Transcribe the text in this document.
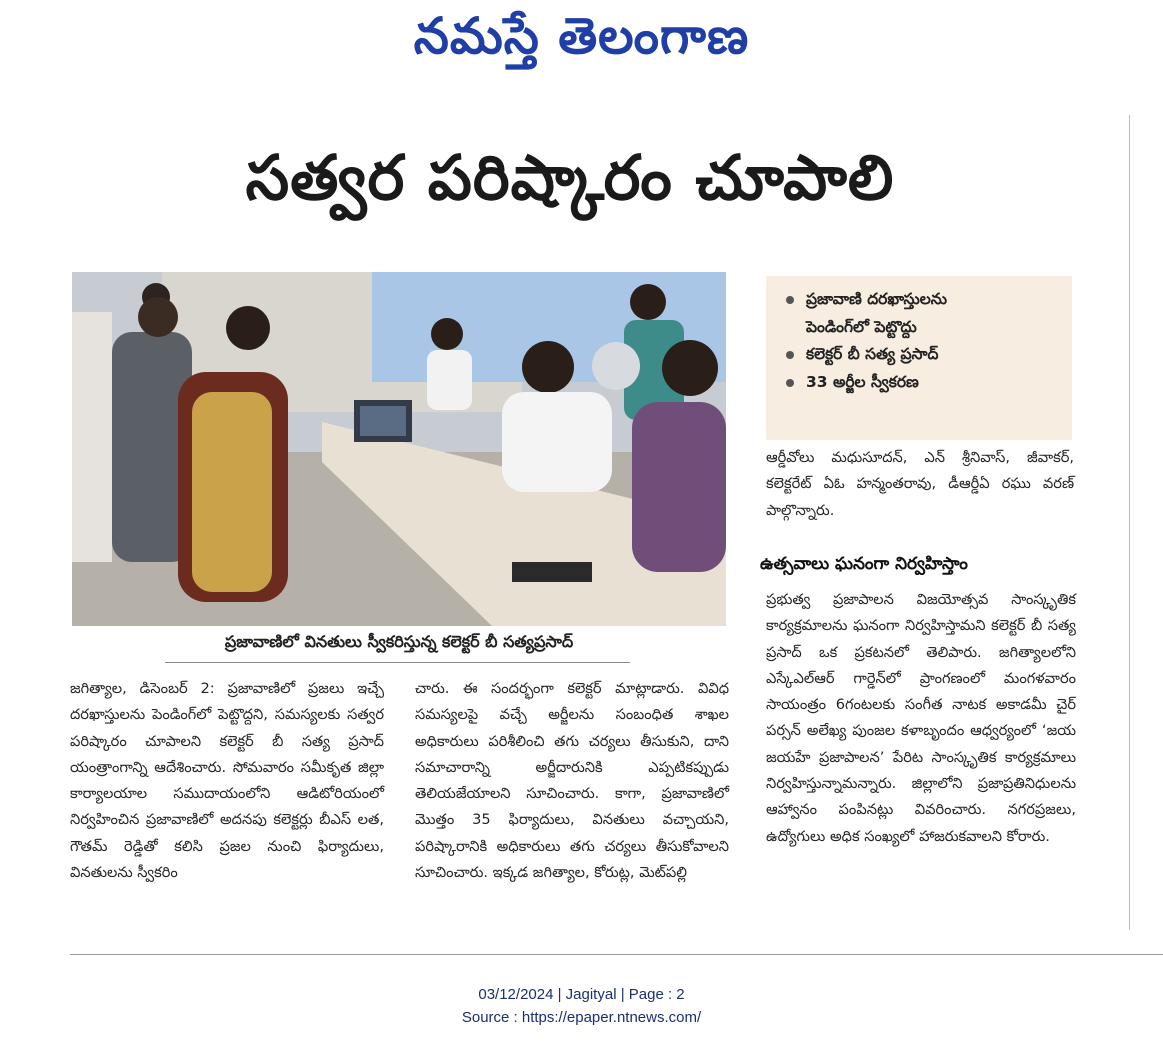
నమస్తే తెలంగాణ
సత్వర పరిష్కారం చూపాలి
ప్రజావాణిలో వినతులు స్వీకరిస్తున్న కలెక్టర్‌ బీ సత్యప్రసాద్‌
ప్రజావాణి దరఖాస్తులను
పెండింగ్‌లో పెట్టొద్దు
కలెక్టర్‌ బీ సత్య ప్రసాద్‌
33 అర్జీల స్వీకరణ
జగిత్యాల, డిసెంబర్‌ 2: ప్రజావాణిలో ప్రజలు ఇచ్చే దరఖాస్తులను పెండింగ్‌లో పెట్టొద్దని, సమస్యలకు సత్వర పరిష్కారం చూపాలని కలెక్టర్‌ బీ సత్య ప్రసాద్‌ యంత్రాంగాన్ని ఆదేశించారు. సోమవారం సమీకృత జిల్లా కార్యాలయాల సముదాయంలోని ఆడిటోరియంలో నిర్వహించిన ప్రజావాణిలో అదనపు కలెక్టర్లు బీఎస్‌ లత, గౌతమ్‌ రెడ్డితో కలిసి ప్రజల నుంచి ఫిర్యాదులు, వినతులను స్వీకరిం
చారు. ఈ సందర్భంగా కలెక్టర్‌ మాట్లాడారు. వివిధ సమస్యలపై వచ్చే అర్జీలను సంబంధిత శాఖల అధికారులు పరిశీలించి తగు చర్యలు తీసుకుని, దాని సమాచారాన్ని అర్జీదారునికి ఎప్పటికప్పుడు తెలియజేయాలని సూచించారు. కాగా, ప్రజావాణిలో మొత్తం 35 ఫిర్యాదులు, వినతులు వచ్చాయని, పరిష్కారానికి అధికారులు తగు చర్యలు తీసుకోవాలని సూచించారు. ఇక్కడ జగిత్యాల, కోరుట్ల, మెట్‌పల్లి
ఆర్డీవోలు మధుసూదన్‌, ఎన్‌ శ్రీనివాస్‌, జీవాకర్‌, కలెక్టరేట్‌ ఏఓ హన్మంతరావు, డీఆర్డీఏ రఘు వరణ్‌ పాల్గొన్నారు.
ఉత్సవాలు ఘనంగా నిర్వహిస్తాం
ప్రభుత్వ ప్రజాపాలన విజయోత్సవ సాంస్కృతిక కార్యక్రమాలను ఘనంగా నిర్వహిస్తామని కలెక్టర్‌ బీ సత్య ప్రసాద్‌ ఒక ప్రకటనలో తెలిపారు. జగిత్యాలలోని ఎస్కేఎల్‌ఆర్‌ గార్డెన్‌లో ప్రాంగణంలో మంగళవారం సాయంత్రం 6గంటలకు సంగీత నాటక అకాడమీ చైర్‌ పర్సన్‌ అలేఖ్య పుంజల కళాబృందం ఆధ్వర్యంలో ‘జయ జయహే ప్రజాపాలన’ పేరిట సాంస్కృతిక కార్యక్రమాలు నిర్వహిస్తున్నామన్నారు. జిల్లాలోని ప్రజాప్రతినిధులను ఆహ్వానం పంపినట్లు వివరించారు. నగరప్రజలు, ఉద్యోగులు అధిక సంఖ్యలో హాజరుకవాలని కోరారు.
03/12/2024 | Jagityal | Page : 2
Source : https://epaper.ntnews.com/
